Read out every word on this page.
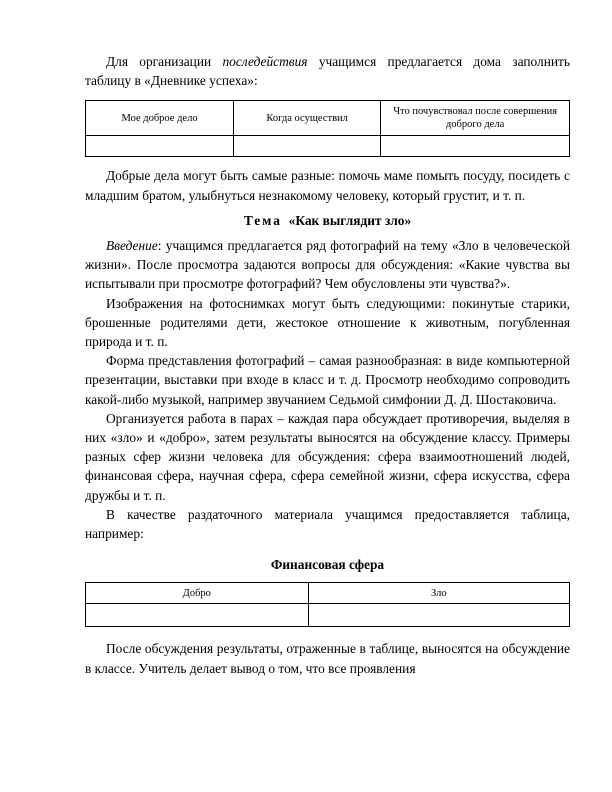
Для организации последействия учащимся предлагается дома заполнить таблицу в «Дневнике успеха»:

Мое доброе дело	Когда осуществил	Что почувствовал после совершения доброго дела

Добрые дела могут быть самые разные: помочь маме помыть посуду, посидеть с младшим братом, улыбнуться незнакомому человеку, который грустит, и т. п.

Тема «Как выглядит зло»

Введение: учащимся предлагается ряд фотографий на тему «Зло в человеческой жизни». После просмотра задаются вопросы для обсуждения: «Какие чувства вы испытывали при просмотре фотографий? Чем обусловлены эти чувства?».

Изображения на фотоснимках могут быть следующими: покинутые старики, брошенные родителями дети, жестокое отношение к животным, погубленная природа и т. п.

Форма представления фотографий – самая разнообразная: в виде компьютерной презентации, выставки при входе в класс и т. д. Просмотр необходимо сопроводить какой-либо музыкой, например звучанием Седьмой симфонии Д. Д. Шостаковича.

Организуется работа в парах – каждая пара обсуждает противоречия, выделяя в них «зло» и «добро», затем результаты выносятся на обсуждение классу. Примеры разных сфер жизни человека для обсуждения: сфера взаимоотношений людей, финансовая сфера, научная сфера, сфера семейной жизни, сфера искусства, сфера дружбы и т. п.

В качестве раздаточного материала учащимся предоставляется таблица, например:

Финансовая сфера
Добро	Зло

После обсуждения результаты, отраженные в таблице, выносятся на обсуждение в классе. Учитель делает вывод о том, что все проявления
